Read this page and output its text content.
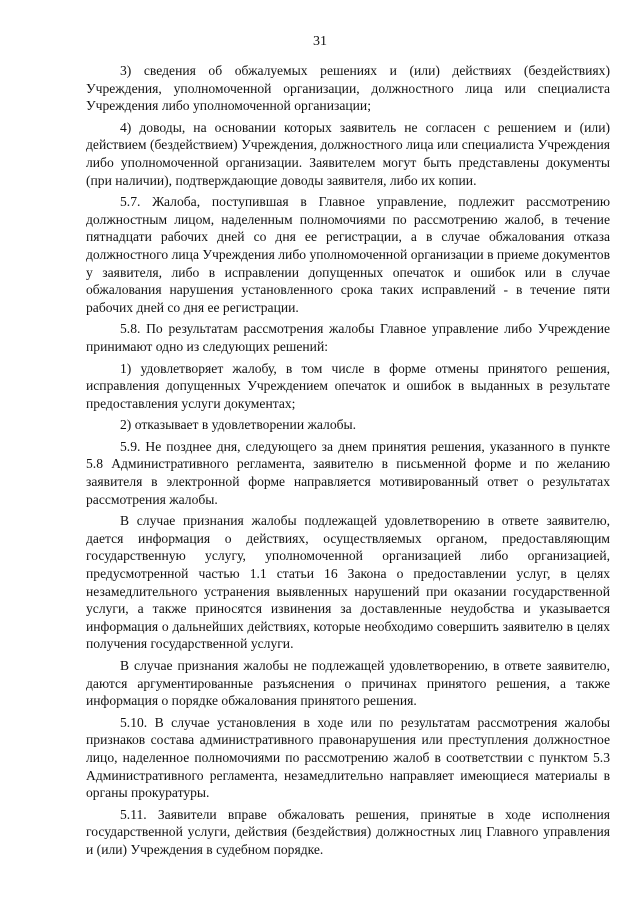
31

3) сведения об обжалуемых решениях и (или) действиях (бездействиях) Учреждения, уполномоченной организации, должностного лица или специалиста Учреждения либо уполномоченной организации;

4) доводы, на основании которых заявитель не согласен с решением и (или) действием (бездействием) Учреждения, должностного лица или специалиста Учреждения либо уполномоченной организации. Заявителем могут быть представлены документы (при наличии), подтверждающие доводы заявителя, либо их копии.

5.7. Жалоба, поступившая в Главное управление, подлежит рассмотрению должностным лицом, наделенным полномочиями по рассмотрению жалоб, в течение пятнадцати рабочих дней со дня ее регистрации, а в случае обжалования отказа должностного лица Учреждения либо уполномоченной организации в приеме документов у заявителя, либо в исправлении допущенных опечаток и ошибок или в случае обжалования нарушения установленного срока таких исправлений - в течение пяти рабочих дней со дня ее регистрации.

5.8. По результатам рассмотрения жалобы Главное управление либо Учреждение принимают одно из следующих решений:

1) удовлетворяет жалобу, в том числе в форме отмены принятого решения, исправления допущенных Учреждением опечаток и ошибок в выданных в результате предоставления услуги документах;

2) отказывает в удовлетворении жалобы.

5.9. Не позднее дня, следующего за днем принятия решения, указанного в пункте 5.8 Административного регламента, заявителю в письменной форме и по желанию заявителя в электронной форме направляется мотивированный ответ о результатах рассмотрения жалобы.

В случае признания жалобы подлежащей удовлетворению в ответе заявителю, дается информация о действиях, осуществляемых органом, предоставляющим государственную услугу, уполномоченной организацией либо организацией, предусмотренной частью 1.1 статьи 16 Закона о предоставлении услуг, в целях незамедлительного устранения выявленных нарушений при оказании государственной услуги, а также приносятся извинения за доставленные неудобства и указывается информация о дальнейших действиях, которые необходимо совершить заявителю в целях получения государственной услуги.

В случае признания жалобы не подлежащей удовлетворению, в ответе заявителю, даются аргументированные разъяснения о причинах принятого решения, а также информация о порядке обжалования принятого решения.

5.10. В случае установления в ходе или по результатам рассмотрения жалобы признаков состава административного правонарушения или преступления должностное лицо, наделенное полномочиями по рассмотрению жалоб в соответствии с пунктом 5.3 Административного регламента, незамедлительно направляет имеющиеся материалы в органы прокуратуры.

5.11. Заявители вправе обжаловать решения, принятые в ходе исполнения государственной услуги, действия (бездействия) должностных лиц Главного управления и (или) Учреждения в судебном порядке.
